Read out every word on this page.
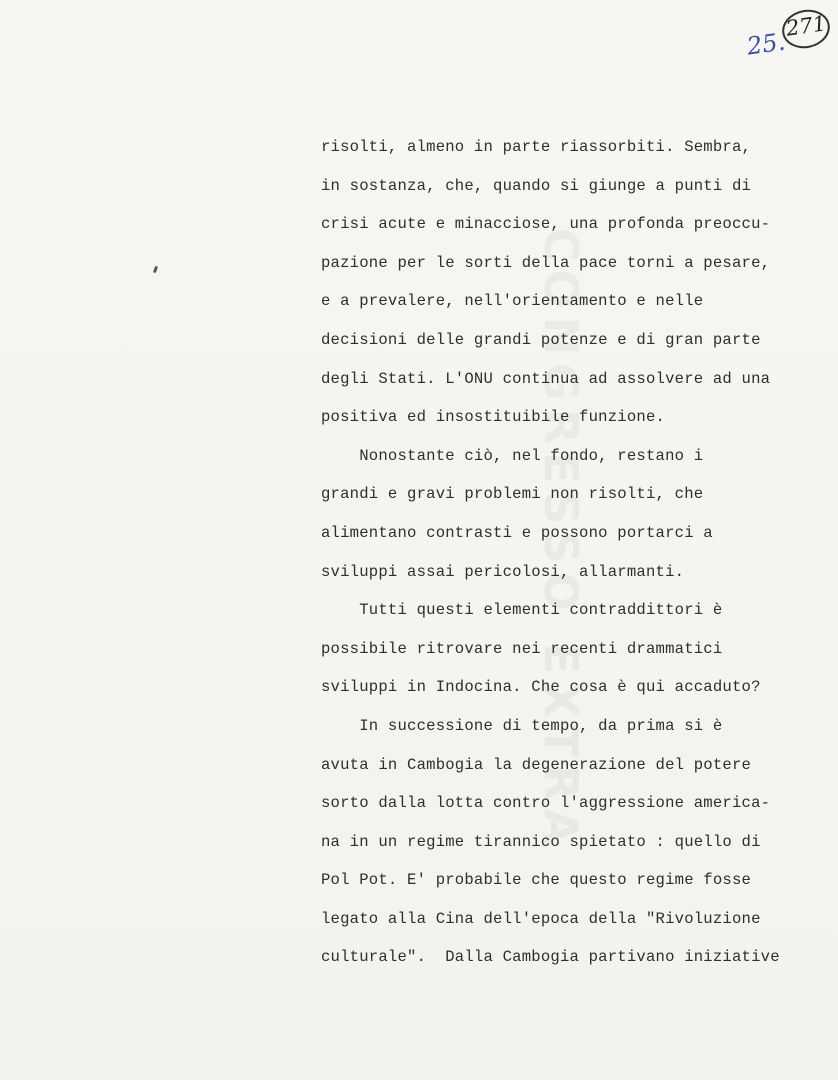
271
25.
risolti, almeno in parte riassorbiti. Sembra,
in sostanza, che, quando si giunge a punti di
crisi acute e minacciose, una profonda preoccu-
pazione per le sorti della pace torni a pesare,
e a prevalere, nell'orientamento e nelle
decisioni delle grandi potenze e di gran parte
degli Stati. L'ONU continua ad assolvere ad una
positiva ed insostituibile funzione.
Nonostante ciò, nel fondo, restano i
grandi e gravi problemi non risolti, che
alimentano contrasti e possono portarci a
sviluppi assai pericolosi, allarmanti.
Tutti questi elementi contraddittori è
possibile ritrovare nei recenti drammatici
sviluppi in Indocina. Che cosa è qui accaduto?
In successione di tempo, da prima si è
avuta in Cambogia la degenerazione del potere
sorto dalla lotta contro l'aggressione america-
na in un regime tirannico spietato : quello di
Pol Pot. E' probabile che questo regime fosse
legato alla Cina dell'epoca della "Rivoluzione
culturale".  Dalla Cambogia partivano iniziative
